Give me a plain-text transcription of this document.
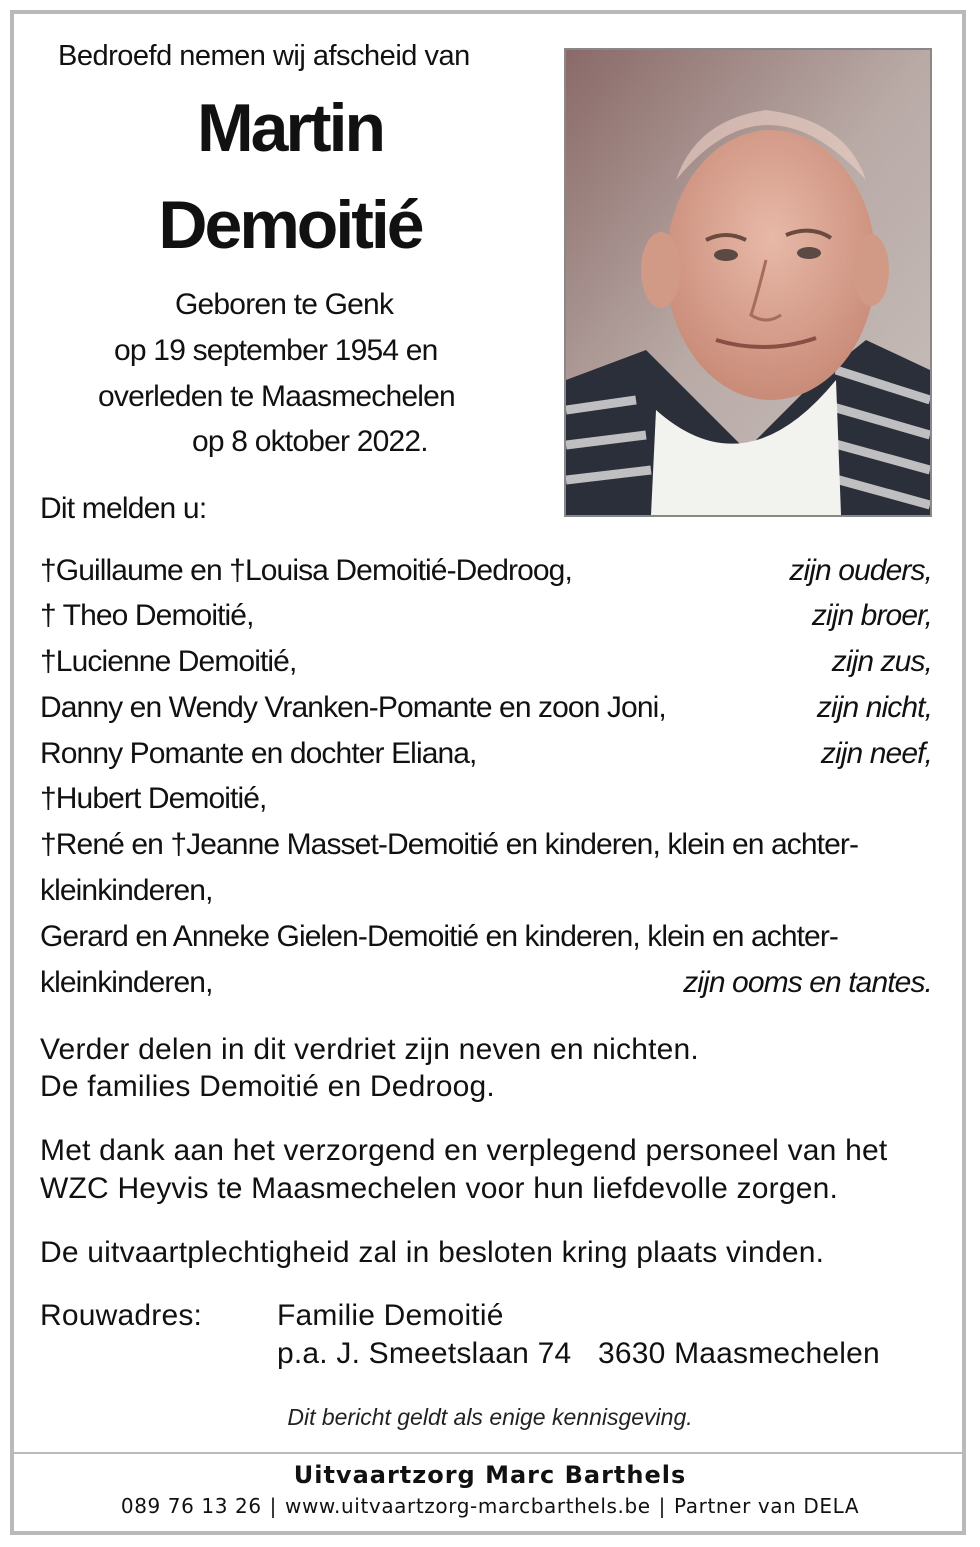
Bedroefd nemen wij afscheid van
Martin
Demoitié
Geboren te Genk
op 19 september 1954 en
overleden te Maasmechelen
op 8 oktober 2022.
Dit melden u:
†Guillaume en †Louisa Demoitié-Dedroog,	zijn ouders,
† Theo Demoitié,	zijn broer,
†Lucienne Demoitié,	zijn zus,
Danny en Wendy Vranken-Pomante en zoon Joni,	zijn nicht,
Ronny Pomante en dochter Eliana,	zijn neef,
†Hubert Demoitié,
†René en †Jeanne Masset-Demoitié en kinderen, klein en achter-
kleinkinderen,
Gerard en Anneke Gielen-Demoitié en kinderen, klein en achter-
kleinkinderen,	zijn ooms en tantes.
Verder delen in dit verdriet zijn neven en nichten.
De families Demoitié en Dedroog.
Met dank aan het verzorgend en verplegend personeel van het
WZC Heyvis te Maasmechelen voor hun liefdevolle zorgen.
De uitvaartplechtigheid zal in besloten kring plaats vinden.
Rouwadres: Familie Demoitié
p.a. J. Smeetslaan 74 3630 Maasmechelen
Dit bericht geldt als enige kennisgeving.
Uitvaartzorg Marc Barthels
089 76 13 26 | www.uitvaartzorg-marcbarthels.be | Partner van DELA
